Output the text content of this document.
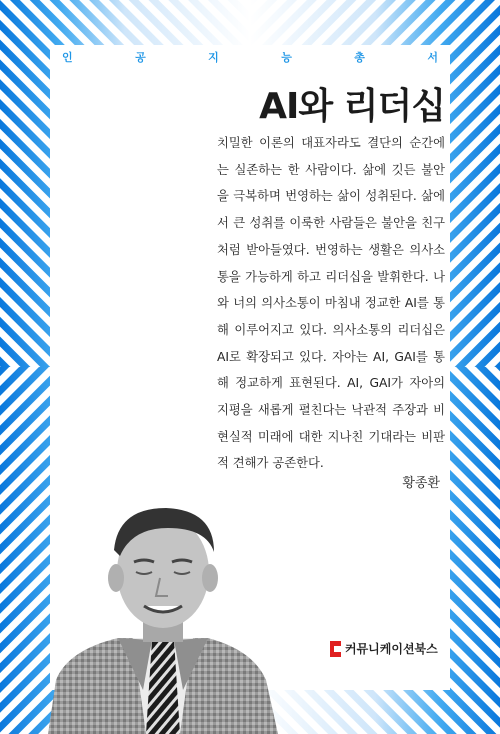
인	공	지	능	총	서
AI와 리더십

치밀한 이론의 대표자라도 결단의 순간에는 실존하는 한 사람이다. 삶에 깃든 불안을 극복하며 번영하는 삶이 성취된다. 삶에서 큰 성취를 이룩한 사람들은 불안을 친구처럼 받아들였다. 번영하는 생활은 의사소통을 가능하게 하고 리더십을 발휘한다. 나와 너의 의사소통이 마침내 정교한 AI를 통해 이루어지고 있다. 의사소통의 리더십은 AI로 확장되고 있다. 자아는 AI, GAI를 통해 정교하게 표현된다. AI, GAI가 자아의 지평을 새롭게 펼친다는 낙관적 주장과 비현실적 미래에 대한 지나친 기대라는 비판적 견해가 공존한다.

황종환
커뮤니케이션북스
